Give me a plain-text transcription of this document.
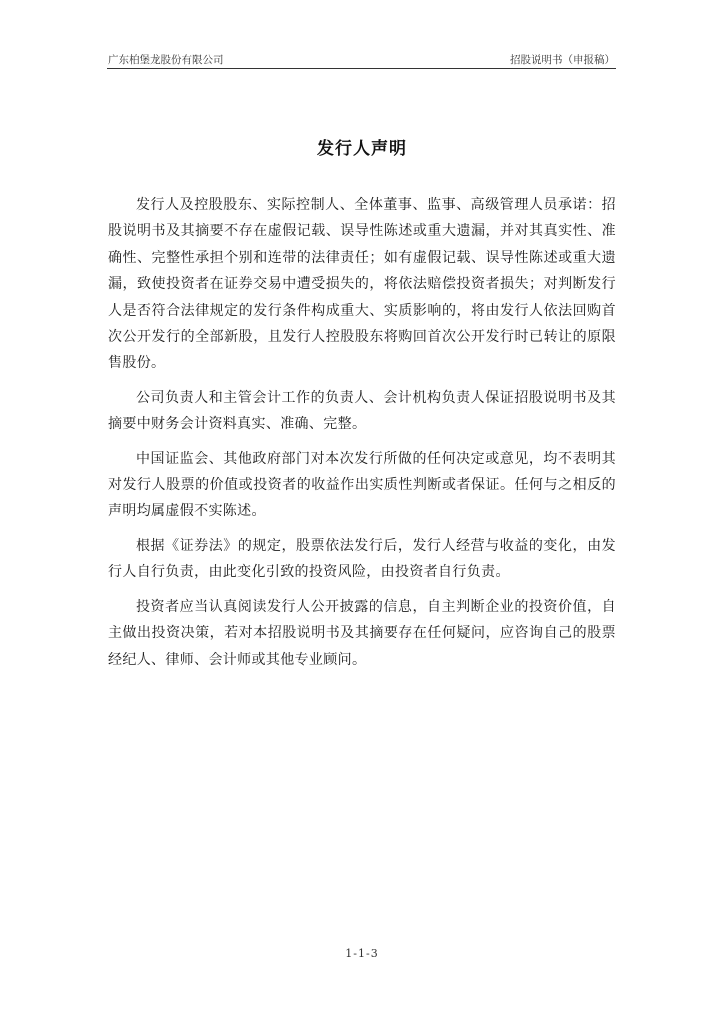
广东柏堡龙股份有限公司	招股说明书（申报稿）
发行人声明

发行人及控股股东、实际控制人、全体董事、监事、高级管理人员承诺：招股说明书及其摘要不存在虚假记载、误导性陈述或重大遗漏，并对其真实性、准确性、完整性承担个别和连带的法律责任；如有虚假记载、误导性陈述或重大遗漏，致使投资者在证券交易中遭受损失的，将依法赔偿投资者损失；对判断发行人是否符合法律规定的发行条件构成重大、实质影响的，将由发行人依法回购首次公开发行的全部新股，且发行人控股股东将购回首次公开发行时已转让的原限售股份。

公司负责人和主管会计工作的负责人、会计机构负责人保证招股说明书及其摘要中财务会计资料真实、准确、完整。

中国证监会、其他政府部门对本次发行所做的任何决定或意见，均不表明其对发行人股票的价值或投资者的收益作出实质性判断或者保证。任何与之相反的声明均属虚假不实陈述。

根据《证券法》的规定，股票依法发行后，发行人经营与收益的变化，由发行人自行负责，由此变化引致的投资风险，由投资者自行负责。

投资者应当认真阅读发行人公开披露的信息，自主判断企业的投资价值，自主做出投资决策，若对本招股说明书及其摘要存在任何疑问，应咨询自己的股票经纪人、律师、会计师或其他专业顾问。

1-1-3
